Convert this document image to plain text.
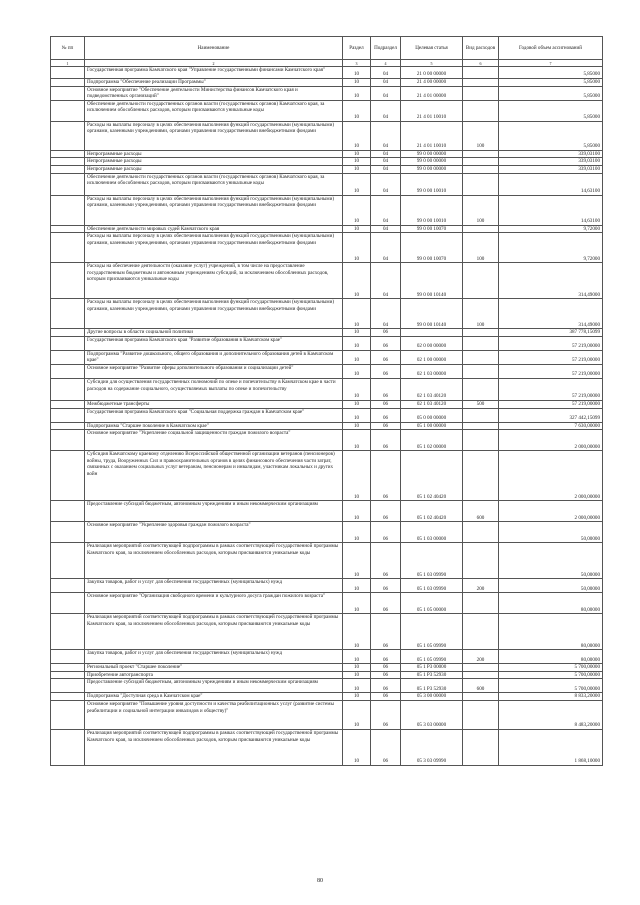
№ пп	Наименование	Раздел	Подраздел	Целевая статья	Вид расходов	Годовой объем ассигнований
1	2	3	4	5	6	7
	Государственная программа Камчатского края "Управление государственными финансами Камчатского края"	10	04	21 0 00 00000		5,85000
	Подпрограмма "Обеспечение реализации Программы"	10	04	21 4 00 00000		5,85000
	Основное мероприятие "Обеспечение деятельности Министерства финансов Камчатского края и подведомственных организаций"	10	04	21 4 01 00000		5,85000
	Обеспечение деятельности государственных органов власти (государственных органов) Камчатского края, за исключением обособленных расходов, которым присваиваются уникальные коды	10	04	21 4 01 10010		5,85000
	Расходы на выплаты персоналу в целях обеспечения выполнения функций государственными (муниципальными) органами, казенными учреждениями, органами управления государственными внебюджетными фондами	10	04	21 4 01 10010	100	5,85000
	Непрограммные расходы	10	04	99 0 00 00000		339,03100
	Непрограммные расходы	10	04	99 0 00 00000		339,03100
	Непрограммные расходы	10	04	99 0 00 00000		339,03100
	Обеспечение деятельности государственных органов власти (государственных органов) Камчатского края, за исключением обособленных расходов, которым присваиваются уникальные коды	10	04	99 0 00 10010		14,63100
	Расходы на выплаты персоналу в целях обеспечения выполнения функций государственными (муниципальными) органами, казенными учреждениями, органами управления государственными внебюджетными фондами	10	04	99 0 00 10010	100	14,63100
	Обеспечение деятельности мировых судей Камчатского края	10	04	99 0 00 10070		9,72000
	Расходы на выплаты персоналу в целях обеспечения выполнения функций государственными (муниципальными) органами, казенными учреждениями, органами управления государственными внебюджетными фондами	10	04	99 0 00 10070	100	9,72000
	Расходы на обеспечение деятельности (оказание услуг) учреждений, в том числе на предоставление государственным бюджетным и автономным учреждениям субсидий, за исключением обособленных расходов, которым присваиваются уникальные коды	10	04	99 0 00 10140		314,49000
	Расходы на выплаты персоналу в целях обеспечения выполнения функций государственными (муниципальными) органами, казенными учреждениями, органами управления государственными внебюджетными фондами	10	04	99 0 00 10140	100	314,49000
	Другие вопросы в области социальной политики	10	06			387 778,15099
	Государственная программа Камчатского края "Развитие образования в Камчатском крае"	10	06	02 0 00 00000		57 219,00000
	Подпрограмма "Развитие дошкольного, общего образования и дополнительного образования детей в Камчатском крае"	10	06	02 1 00 00000		57 219,00000
	Основное мероприятие "Развитие сферы дополнительного образования и социализации детей"	10	06	02 1 03 00000		57 219,00000
	Субсидии для осуществления государственных полномочий по опеке и попечительству в Камчатском крае в части расходов на содержание социального, осуществляемых выплаты по опеке и попечительству	10	06	02 1 03 40120		57 219,00000
	Межбюджетные трансферты	10	06	02 1 03 40120	500	57 219,00000
	Государственная программа Камчатского края "Социальная поддержка граждан в Камчатском крае"	10	06	05 0 00 00000		327 442,15099
	Подпрограмма "Старшее поколение в Камчатском крае"	10	06	05 1 00 00000		7 630,00000
	Основное мероприятие "Укрепление социальной защищенности граждан пожилого возраста"	10	06	05 1 02 00000		2 000,00000
	Субсидия Камчатскому краевому отделению Всероссийской общественной организации ветеранов (пенсионеров) войны, труда, Вооруженных Сил и правоохранительных органов в целях финансового обеспечения части затрат, связанных с оказанием социальных услуг ветеранам, пенсионерам и инвалидам, участникам локальных и других войн	10	06	05 1 02 40420		2 000,00000
	Предоставление субсидий бюджетным, автономным учреждениям и иным некоммерческим организациям	10	06	05 1 02 40420	600	2 000,00000
	Основное мероприятие "Укрепление здоровья граждан пожилого возраста"	10	06	05 1 03 00000		50,00000
	Реализация мероприятий соответствующей подпрограммы в рамках соответствующей государственной программы Камчатского края, за исключением обособленных расходов, которым присваиваются уникальные коды	10	06	05 1 03 09990		50,00000
	Закупка товаров, работ и услуг для обеспечения государственных (муниципальных) нужд	10	06	05 1 03 09990	200	50,00000
	Основное мероприятие "Организация свободного времени и культурного досуга граждан пожилого возраста"	10	06	05 1 05 00000		80,00000
	Реализация мероприятий соответствующей подпрограммы в рамках соответствующей государственной программы Камчатского края, за исключением обособленных расходов, которым присваиваются уникальные коды	10	06	05 1 05 09990		80,00000
	Закупка товаров, работ и услуг для обеспечения государственных (муниципальных) нужд	10	06	05 1 05 09990	200	80,00000
	Региональный проект "Старшее поколение"	10	06	05 1 P3 00000		5 700,00000
	Приобретение автотранспорта	10	06	05 1 P3 52930		5 700,00000
	Предоставление субсидий бюджетным, автономным учреждениям и иным некоммерческим организациям	10	06	05 1 P3 52930	600	5 700,00000
	Подпрограмма "Доступная среда в Камчатском крае"	10	06	05 3 00 00000		8 833,20000
	Основное мероприятие "Повышение уровня доступности и качества реабилитационных услуг (развитие системы реабилитации и социальной интеграции инвалидов и обществу)"	10	06	05 3 03 00000		8 483,20000
	Реализация мероприятий соответствующей подпрограммы в рамках соответствующей государственной программы Камчатского края, за исключением обособленных расходов, которым присваиваются уникальные коды	10	06	05 3 03 09990		1 868,10000
80
